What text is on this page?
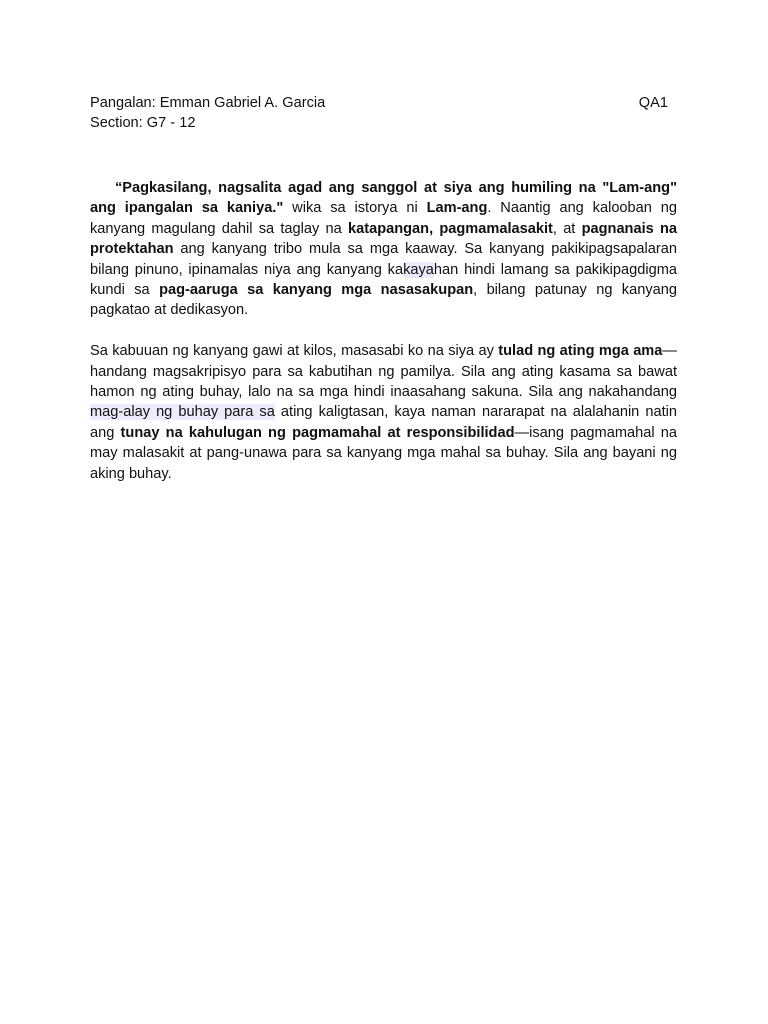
Pangalan: Emman Gabriel A. Garcia	QA1
Section: G7 - 12

“Pagkasilang, nagsalita agad ang sanggol at siya ang humiling na "Lam-ang" ang ipangalan sa kaniya." wika sa istorya ni Lam-ang. Naantig ang kalooban ng kanyang magulang dahil sa taglay na katapangan, pagmamalasakit, at pagnanais na protektahan ang kanyang tribo mula sa mga kaaway. Sa kanyang pakikipagsapalaran bilang pinuno, ipinamalas niya ang kanyang kakayahan hindi lamang sa pakikipagdigma kundi sa pag-aaruga sa kanyang mga nasasakupan, bilang patunay ng kanyang pagkatao at dedikasyon.

Sa kabuuan ng kanyang gawi at kilos, masasabi ko na siya ay tulad ng ating mga ama—handang magsakripisyo para sa kabutihan ng pamilya. Sila ang ating kasama sa bawat hamon ng ating buhay, lalo na sa mga hindi inaasahang sakuna. Sila ang nakahandang mag-alay ng buhay para sa ating kaligtasan, kaya naman nararapat na alalahanin natin ang tunay na kahulugan ng pagmamahal at responsibilidad—isang pagmamahal na may malasakit at pang-unawa para sa kanyang mga mahal sa buhay. Sila ang bayani ng aking buhay.
